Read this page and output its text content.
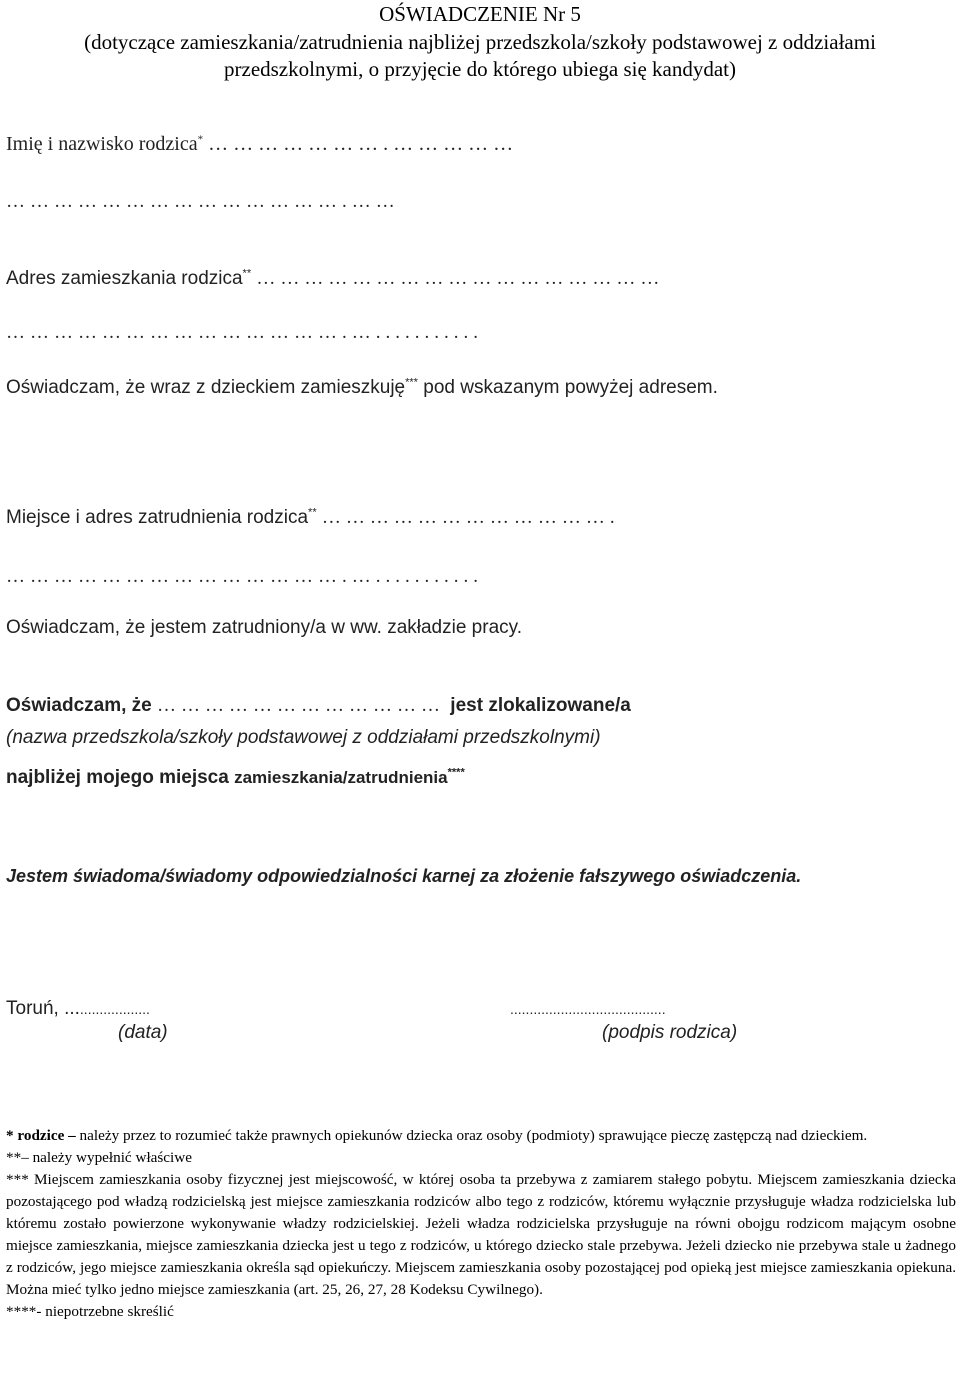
OŚWIADCZENIE Nr 5
(dotyczące zamieszkania/zatrudnienia najbliżej przedszkola/szkoły podstawowej z oddziałami
przedszkolnymi, o przyjęcie do którego ubiega się kandydat)
Imię i nazwisko rodzica* ………………….……………
…………………………………….……
Adres zamieszkania rodzica** ……………………………………………
…………………………………….…...........
Oświadczam, że wraz z dzieckiem zamieszkuję*** pod wskazanym powyżej adresem.
Miejsce i adres zatrudnienia rodzica** ……………………………….
…………………………………….…...........
Oświadczam, że jestem zatrudniony/a w ww. zakładzie pracy.
Oświadczam, że ……………………………… jest zlokalizowane/a
(nazwa przedszkola/szkoły podstawowej z oddziałami przedszkolnymi)
najbliżej mojego miejsca zamieszkania/zatrudnienia****
Jestem świadoma/świadomy odpowiedzialności karnej za złożenie fałszywego oświadczenia.
Toruń, .....................
(data)
........................................
(podpis rodzica)

* rodzice – należy przez to rozumieć także prawnych opiekunów dziecka oraz osoby (podmioty) sprawujące pieczę zastępczą nad dzieckiem.

**– należy wypełnić właściwe

*** Miejscem zamieszkania osoby fizycznej jest miejscowość, w której osoba ta przebywa z zamiarem stałego pobytu. Miejscem zamieszkania dziecka pozostającego pod władzą rodzicielską jest miejsce zamieszkania rodziców albo tego z rodziców, któremu wyłącznie przysługuje władza rodzicielska lub któremu zostało powierzone wykonywanie władzy rodzicielskiej. Jeżeli władza rodzicielska przysługuje na równi obojgu rodzicom mającym osobne miejsce zamieszkania, miejsce zamieszkania dziecka jest u tego z rodziców, u którego dziecko stale przebywa. Jeżeli dziecko nie przebywa stale u żadnego z rodziców, jego miejsce zamieszkania określa sąd opiekuńczy. Miejscem zamieszkania osoby pozostającej pod opieką jest miejsce zamieszkania opiekuna. Można mieć tylko jedno miejsce zamieszkania (art. 25, 26, 27, 28 Kodeksu Cywilnego).

****- niepotrzebne skreślić
